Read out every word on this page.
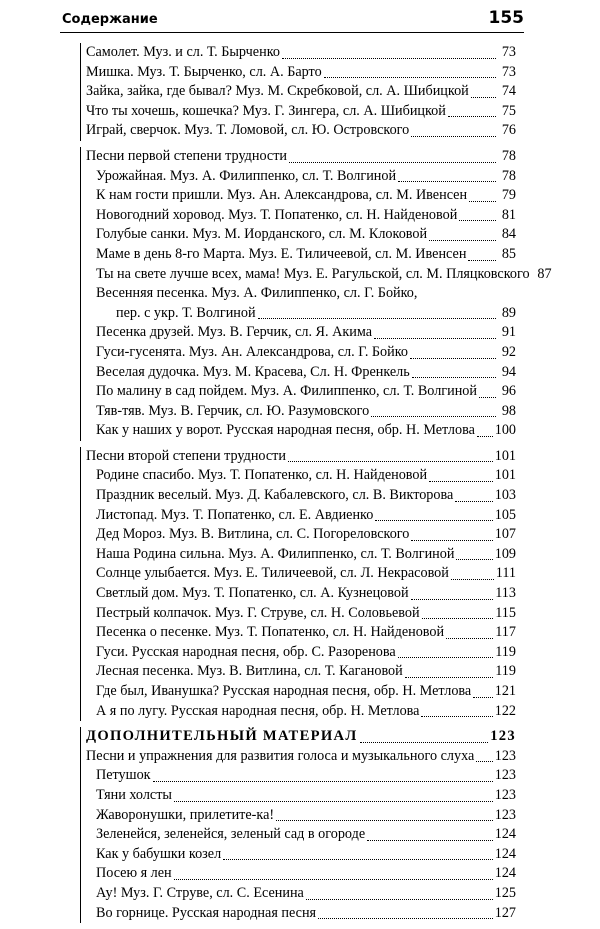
Содержание	155
Самолет. Муз. и сл. Т. Бырченко	73
Мишка. Муз. Т. Бырченко, сл. А. Барто	73
Зайка, зайка, где бывал? Муз. М. Скребковой, сл. А. Шибицкой 74
Что ты хочешь, кошечка? Муз. Г. Зингера, сл. А. Шибицкой	75
Играй, сверчок. Муз. Т. Ломовой, сл. Ю. Островского	76
Песни первой степени трудности	78
Урожайная. Муз. А. Филиппенко, сл. Т. Волгиной	78
К нам гости пришли. Муз. Ан. Александрова, сл. М. Ивенсен 79
Новогодний хоровод. Муз. Т. Попатенко, сл. Н. Найденовой	81
Голубые санки. Муз. М. Иорданского, сл. М. Клоковой	84
Маме в день 8-го Марта. Муз. Е. Тиличеевой, сл. М. Ивенсен 85
Ты на свете лучше всех, мама! Муз. Е. Рагульской, сл. М. Пляцковского 87
Весенняя песенка. Муз. А. Филиппенко, сл. Г. Бойко,
пер. с укр. Т. Волгиной	89
Песенка друзей. Муз. В. Герчик, сл. Я. Акима	91
Гуси-гусенята. Муз. Ан. Александрова, сл. Г. Бойко	92
Веселая дудочка. Муз. М. Красева, Сл. Н. Френкель	94
По малину в сад пойдем. Муз. А. Филиппенко, сл. Т. Волгиной 96
Тяв-тяв. Муз. В. Герчик, сл. Ю. Разумовского	98
Как у наших у ворот. Русская народная песня, обр. Н. Метлова 100
Песни второй степени трудности	101
Родине спасибо. Муз. Т. Попатенко, сл. Н. Найденовой	101
Праздник веселый. Муз. Д. Кабалевского, сл. В. Викторова	103
Листопад. Муз. Т. Попатенко, сл. Е. Авдиенко	105
Дед Мороз. Муз. В. Витлина, сл. С. Погореловского	107
Наша Родина сильна. Муз. А. Филиппенко, сл. Т. Волгиной	109
Солнце улыбается. Муз. Е. Тиличеевой, сл. Л. Некрасовой	111
Светлый дом. Муз. Т. Попатенко, сл. А. Кузнецовой	113
Пестрый колпачок. Муз. Г. Струве, сл. Н. Соловьевой	115
Песенка о песенке. Муз. Т. Попатенко, сл. Н. Найденовой	117
Гуси. Русская народная песня, обр. С. Разоренова	119
Лесная песенка. Муз. В. Витлина, сл. Т. Кагановой	119
Где был, Иванушка? Русская народная песня, обр. Н. Метлова 121
А я по лугу. Русская народная песня, обр. Н. Метлова	122
ДОПОЛНИТЕЛЬНЫЙ МАТЕРИАЛ	123
Песни и упражнения для развития голоса и музыкального слуха 123
Петушок	123
Тяни холсты	123
Жаворонушки, прилетите-ка!	123
Зеленейся, зеленейся, зеленый сад в огороде	124
Как у бабушки козел	124
Посею я лен	124
Ау! Муз. Г. Струве, сл. С. Есенина	125
Во горнице. Русская народная песня	127
